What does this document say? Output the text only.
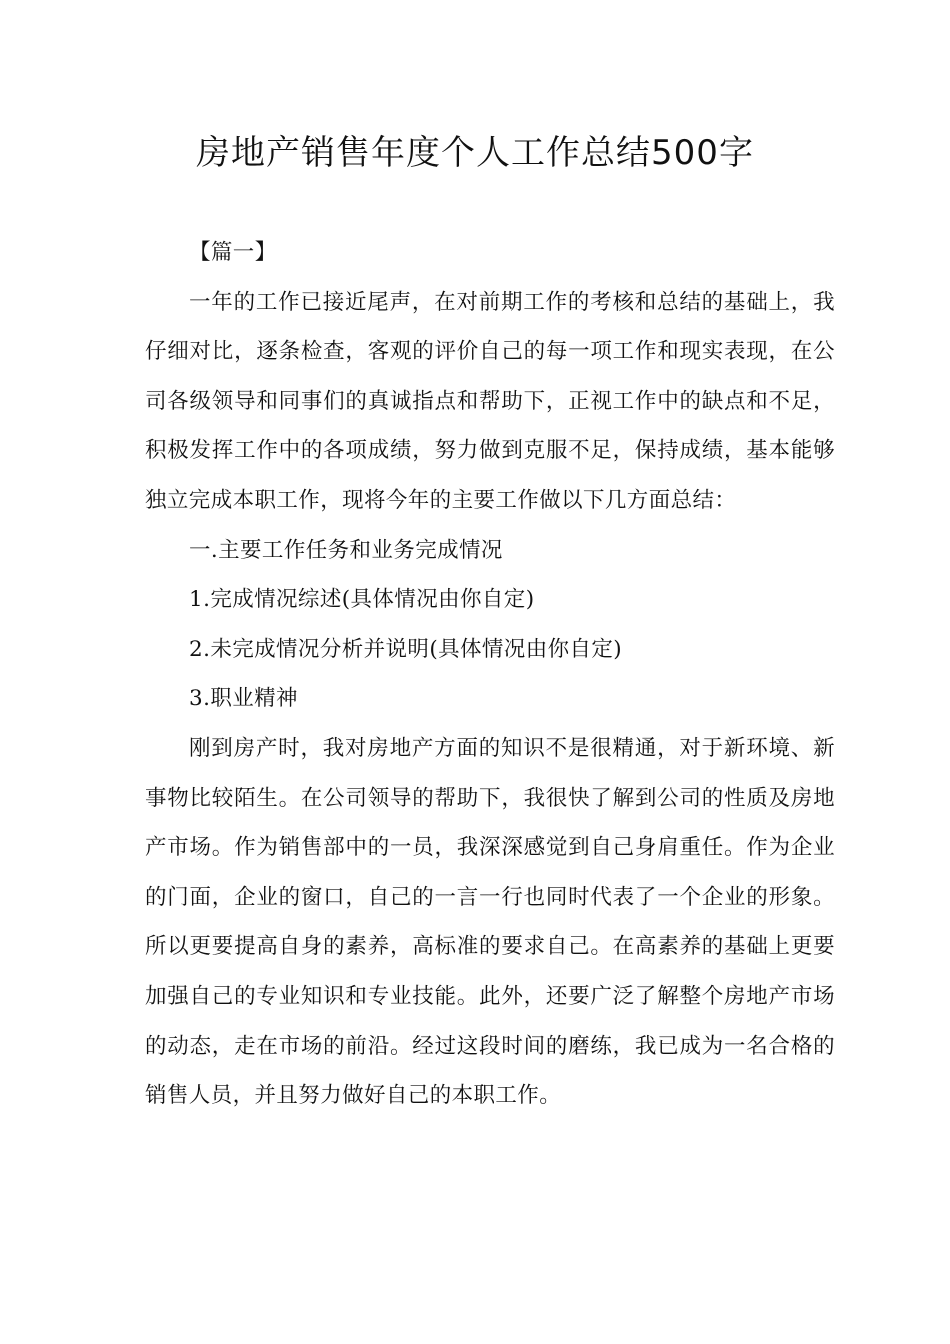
房地产销售年度个人工作总结500字

【篇一】

一年的工作已接近尾声，在对前期工作的考核和总结的基础上，我仔细对比，逐条检查，客观的评价自己的每一项工作和现实表现，在公司各级领导和同事们的真诚指点和帮助下，正视工作中的缺点和不足，积极发挥工作中的各项成绩，努力做到克服不足，保持成绩，基本能够独立完成本职工作，现将今年的主要工作做以下几方面总结：

一.主要工作任务和业务完成情况

1.完成情况综述(具体情况由你自定)

2.未完成情况分析并说明(具体情况由你自定)

3.职业精神

刚到房产时，我对房地产方面的知识不是很精通，对于新环境、新事物比较陌生。在公司领导的帮助下，我很快了解到公司的性质及房地产市场。作为销售部中的一员，我深深感觉到自己身肩重任。作为企业的门面，企业的窗口，自己的一言一行也同时代表了一个企业的形象。所以更要提高自身的素养，高标准的要求自己。在高素养的基础上更要加强自己的专业知识和专业技能。此外，还要广泛了解整个房地产市场的动态，走在市场的前沿。经过这段时间的磨练，我已成为一名合格的销售人员，并且努力做好自己的本职工作。
